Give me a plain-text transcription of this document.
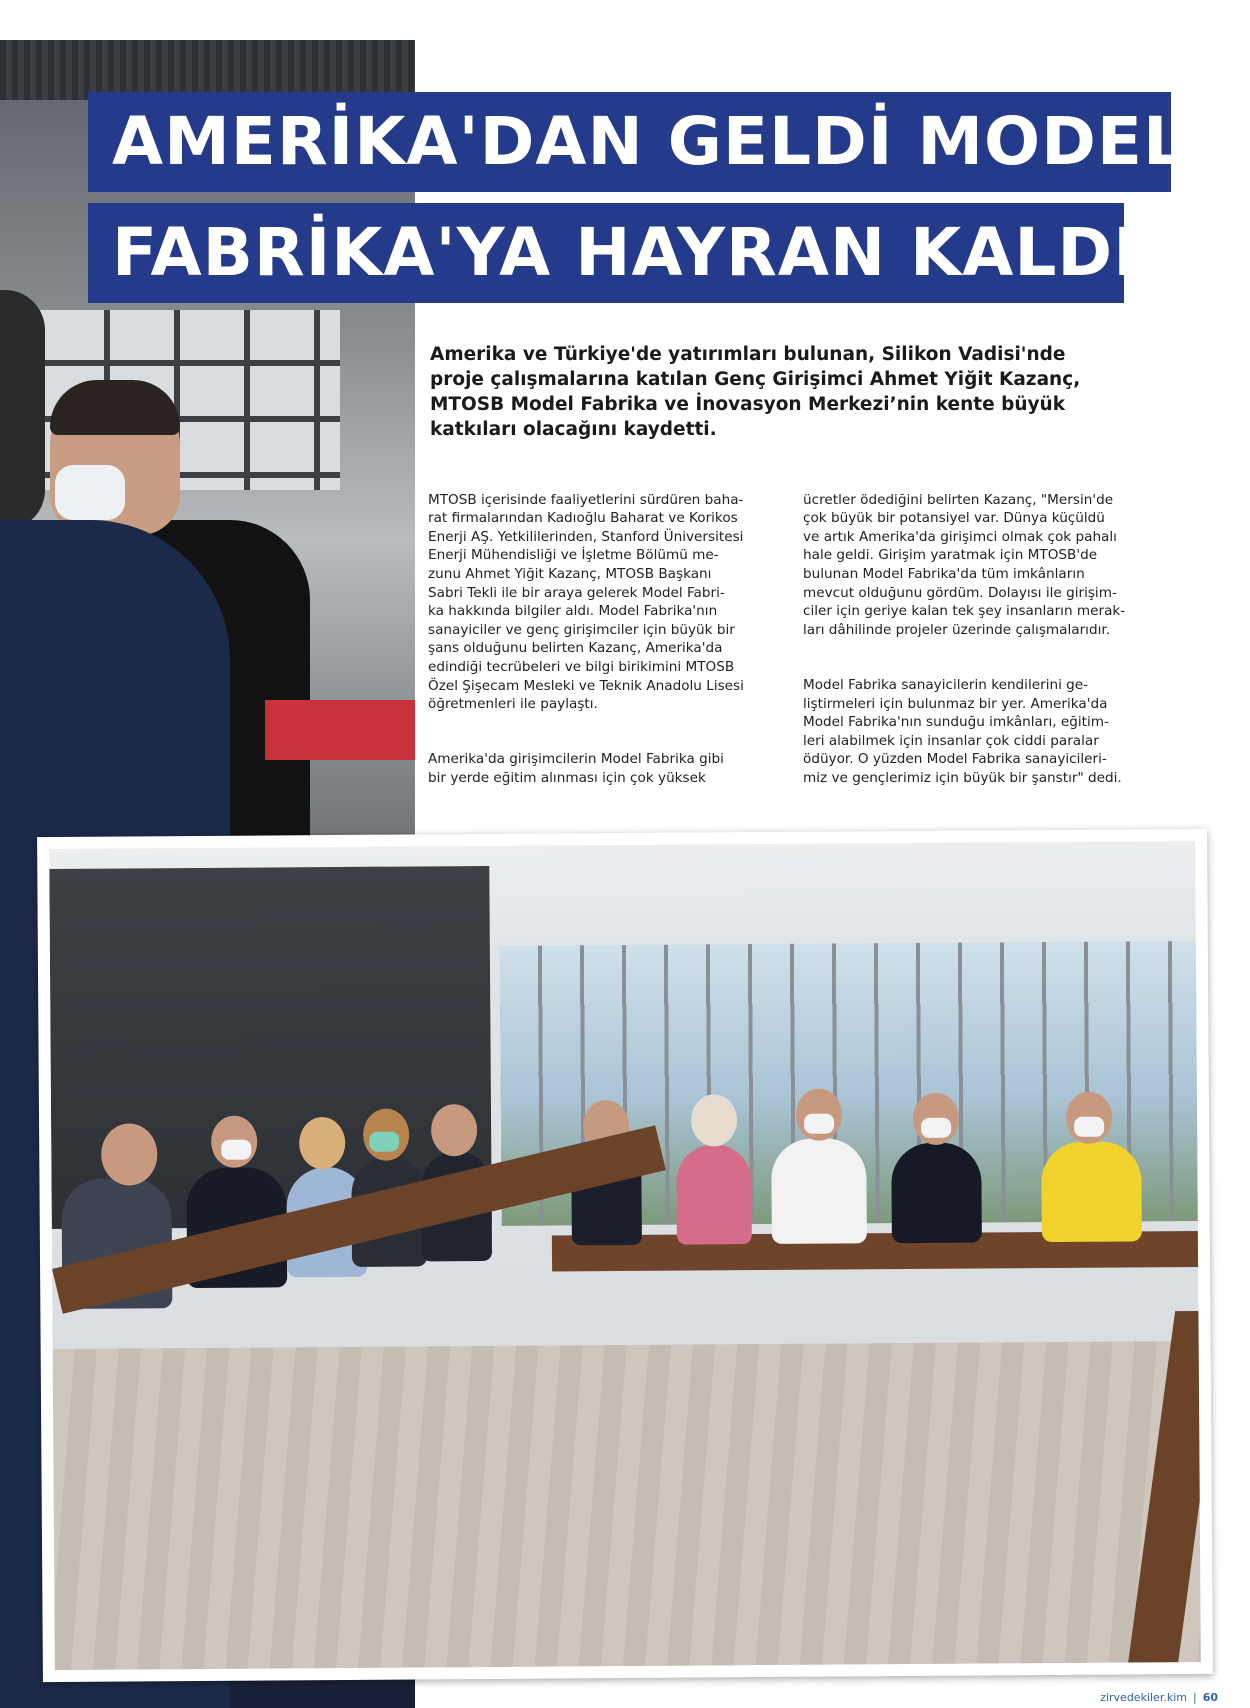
AMERİKA'DAN GELDİ MODEL
FABRİKA'YA HAYRAN KALDI
Amerika ve Türkiye'de yatırımları bulunan, Silikon Vadisi'nde proje çalışmalarına katılan Genç Girişimci Ahmet Yiğit Kazanç, MTOSB Model Fabrika ve İnovasyon Merkezi’nin kente büyük katkıları olacağını kaydetti.

MTOSB içerisinde faaliyetlerini sürdüren baha-
rat firmalarından Kadıoğlu Baharat ve Korikos
Enerji AŞ. Yetkililerinden, Stanford Üniversitesi
Enerji Mühendisliği ve İşletme Bölümü me-
zunu Ahmet Yiğit Kazanç, MTOSB Başkanı
Sabri Tekli ile bir araya gelerek Model Fabri-
ka hakkında bilgiler aldı. Model Fabrika'nın
sanayiciler ve genç girişimciler için büyük bir
şans olduğunu belirten Kazanç, Amerika'da
edindiği tecrübeleri ve bilgi birikimini MTOSB
Özel Şişecam Mesleki ve Teknik Anadolu Lisesi
öğretmenleri ile paylaştı.

Amerika'da girişimcilerin Model Fabrika gibi
bir yerde eğitim alınması için çok yüksek

ücretler ödediğini belirten Kazanç, "Mersin'de
çok büyük bir potansiyel var. Dünya küçüldü
ve artık Amerika'da girişimci olmak çok pahalı
hale geldi. Girişim yaratmak için MTOSB'de
bulunan Model Fabrika'da tüm imkânların
mevcut olduğunu gördüm. Dolayısı ile girişim-
ciler için geriye kalan tek şey insanların merak-
ları dâhilinde projeler üzerinde çalışmalarıdır.

Model Fabrika sanayicilerin kendilerini ge-
liştirmeleri için bulunmaz bir yer. Amerika'da
Model Fabrika'nın sunduğu imkânları, eğitim-
leri alabilmek için insanlar çok ciddi paralar
ödüyor. O yüzden Model Fabrika sanayicileri-
miz ve gençlerimiz için büyük bir şanstır" dedi.

zirvedekiler.kim | 60
